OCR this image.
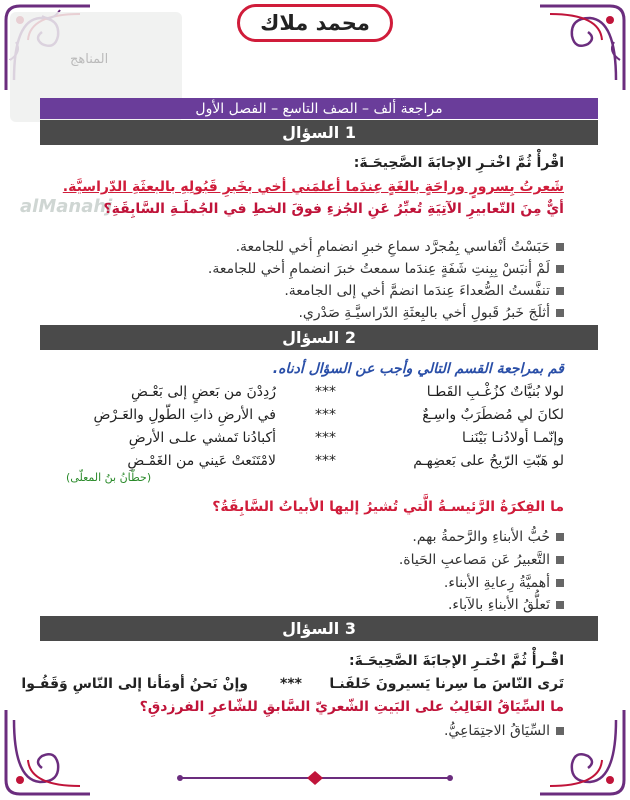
المناهج
alManahj
محمد ملاك
مراجعة ألف – الصف التاسع – الفصل الأول
1 السؤال
اقْرأْ ثُمَّ اخْتـرِ الإجابَةَ الصَّحِيحَـةَ:
شَعرتُ بِسرورٍ وراحَةٍ بالغَةٍ عِندَما أعلمَني أخي بخَبرِ قَبُولِهِ بالبعثَةِ الدّراسيَّة.
أيٌّ مِنَ التّعابيرِ الآتِيَةِ تُعبِّرُ عَنِ الجُزءِ فوقَ الخطِ في الجُملَـةِ السَّابِقَةِ؟
حَبَسْتُ أنْفاسي بِمُجرَّد سماعِ خبرِ انضمامِ أخي للجامعة.
لَمْ أنبَسْ بِبِنتِ شَفَةٍ عِندَما سمعتُ خبرَ انضمامِ أخي للجامعة.
تنفَّستُ الصُّعداءَ عِندَما انضمَّ أخي إلى الجامعة.
أثلَجَ خَبرُ قَبولِ أخي بالبِعثَةِ الدّراسيَّـةِ صَدْري.
2 السؤال
قم بمراجعة القسم التالي وأجب عن السؤال أدناه.
لولا بُنيَّاتٌ كزُغْـبِ القَطـا
***
رُدِدْنَ من بَعضٍ إلى بَعْـضِ
لكانَ لي مُضطَرَبٌ واسِـعٌ
***
في الأرضِ ذاتِ الطّولِ والعَـرْضِ
وإنّمـا أولادُنـا بَيْنَنـا
***
أكبادُنا تَمشي علـى الأرضِ
لو هَبّتِ الرّيحُ على بَعضِهـم
***
لامْتَنَعتْ عَيني من الغَمْـضِ
(حطّانُ بنُ المعلّى)
ما الفِكرَةُ الرَّئيسـةُ الَّتي تُشيرُ إليها الأبياتُ السَّابِقَةُ؟
حُبُّ الأبناءِ والرَّحمةُ بهم.
التَّعبيرُ عَن مَصاعبِ الحَياة.
أهميَّةُ رِعايةِ الأبناء.
تَعلُّقُ الأبناءِ بالآباء.
3 السؤال
اقْـرأْ ثُمَّ اخْتـرِ الإجابَةَ الصَّحِيحَـةَ:
تَرى النّاسَ ما سِرنا يَسيرونَ خَلفَنـا
***
وإنْ نَحنُ أومَأنا إلى النّاسِ وَقَفُـوا
ما السِّيَاقُ الغَالِبُ على البَيتِ الشّعريّ السَّابقِ للشّاعرِ الفرزدقِ؟
السِّيَاقُ الاجتِمَاعِيُّ.
